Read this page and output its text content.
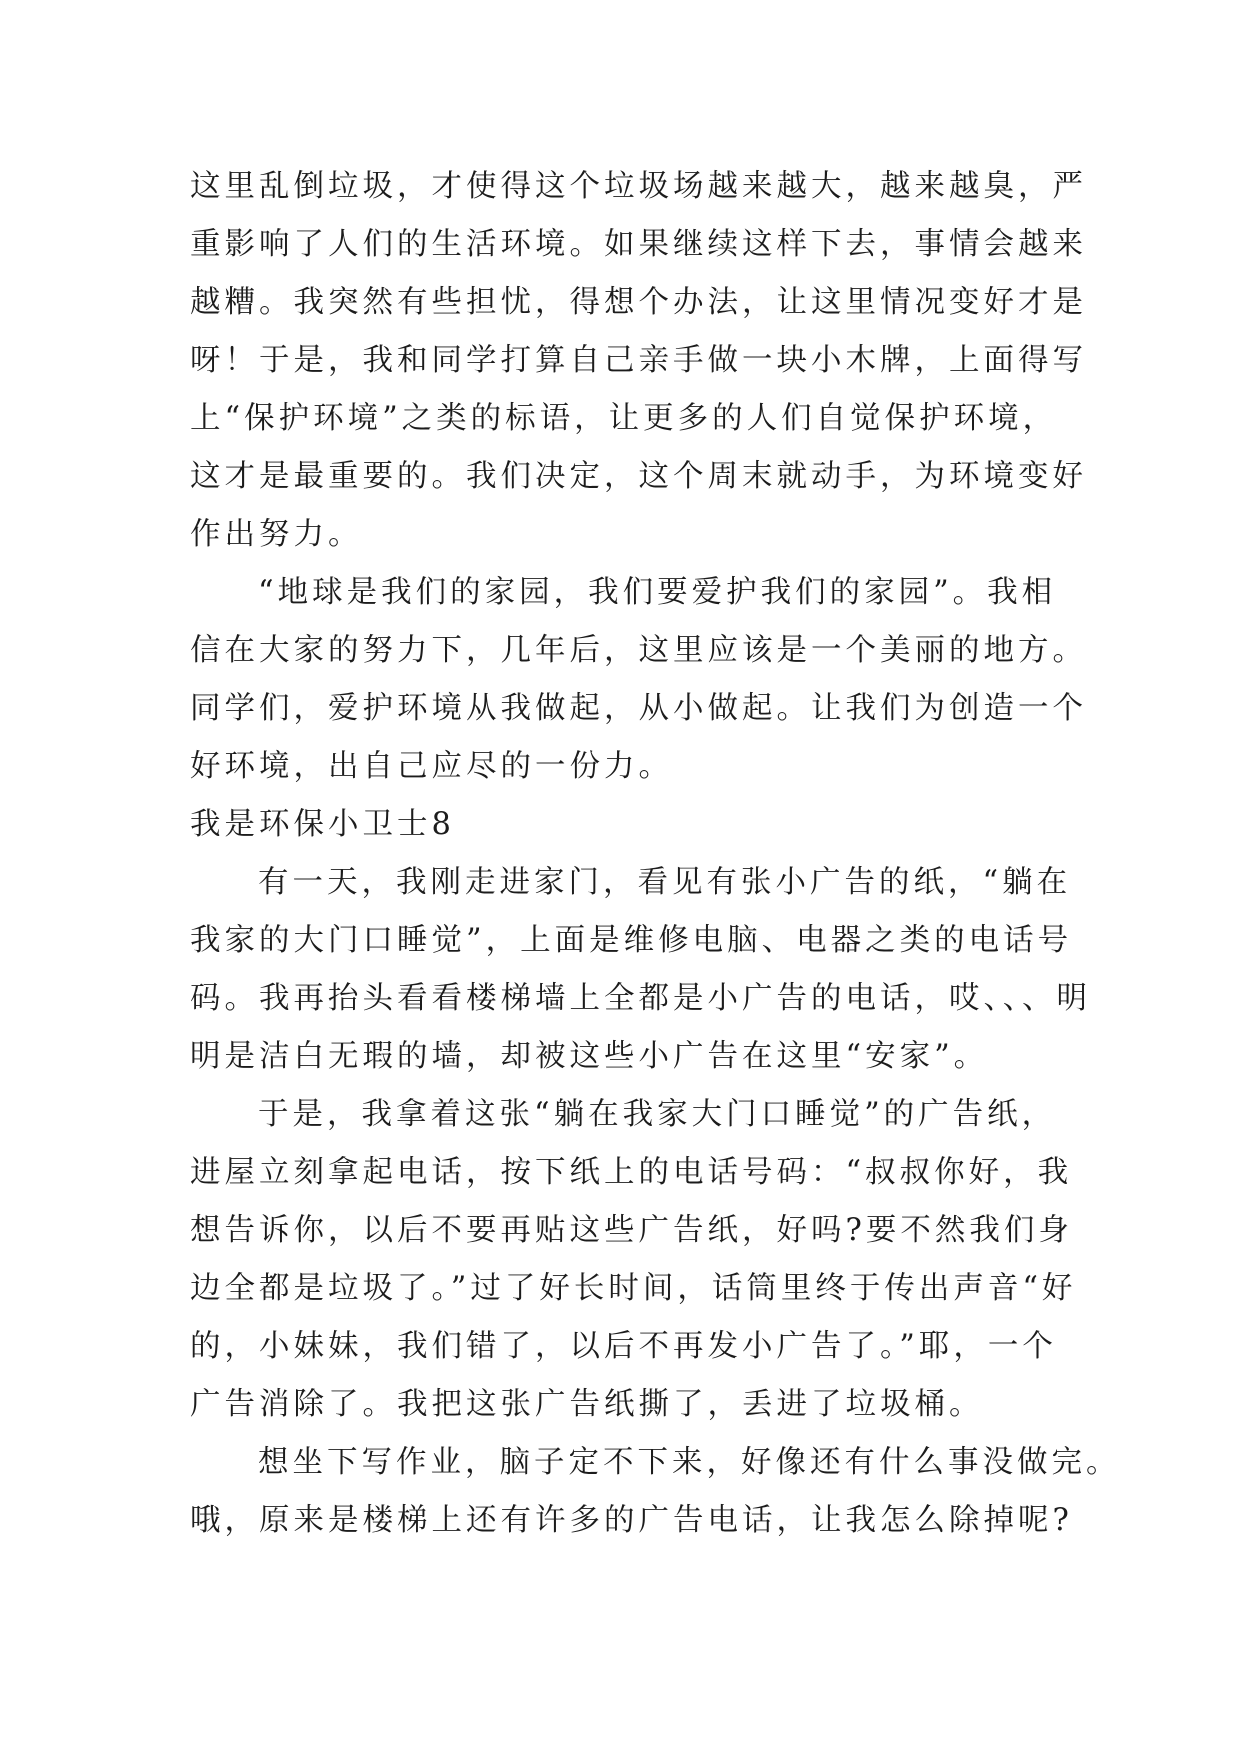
这里乱倒垃圾，才使得这个垃圾场越来越大，越来越臭，严
重影响了人们的生活环境。如果继续这样下去，事情会越来
越糟。我突然有些担忧，得想个办法，让这里情况变好才是
呀！于是，我和同学打算自己亲手做一块小木牌，上面得写
上“保护环境”之类的标语，让更多的人们自觉保护环境，
这才是最重要的。我们决定，这个周末就动手，为环境变好
作出努力。

“地球是我们的家园，我们要爱护我们的家园”。我相
信在大家的努力下，几年后，这里应该是一个美丽的地方。
同学们，爱护环境从我做起，从小做起。让我们为创造一个
好环境，出自己应尽的一份力。

我是环保小卫士8

有一天，我刚走进家门，看见有张小广告的纸，“躺在
我家的大门口睡觉”，上面是维修电脑、电器之类的电话号
码。我再抬头看看楼梯墙上全都是小广告的电话，哎、、、明
明是洁白无瑕的墙，却被这些小广告在这里“安家”。

于是，我拿着这张“躺在我家大门口睡觉”的广告纸，
进屋立刻拿起电话，按下纸上的电话号码：“叔叔你好，我
想告诉你，以后不要再贴这些广告纸，好吗?要不然我们身
边全都是垃圾了。”过了好长时间，话筒里终于传出声音“好
的，小妹妹，我们错了，以后不再发小广告了。”耶，一个
广告消除了。我把这张广告纸撕了，丢进了垃圾桶。

想坐下写作业，脑子定不下来，好像还有什么事没做完。
哦，原来是楼梯上还有许多的广告电话，让我怎么除掉呢?
